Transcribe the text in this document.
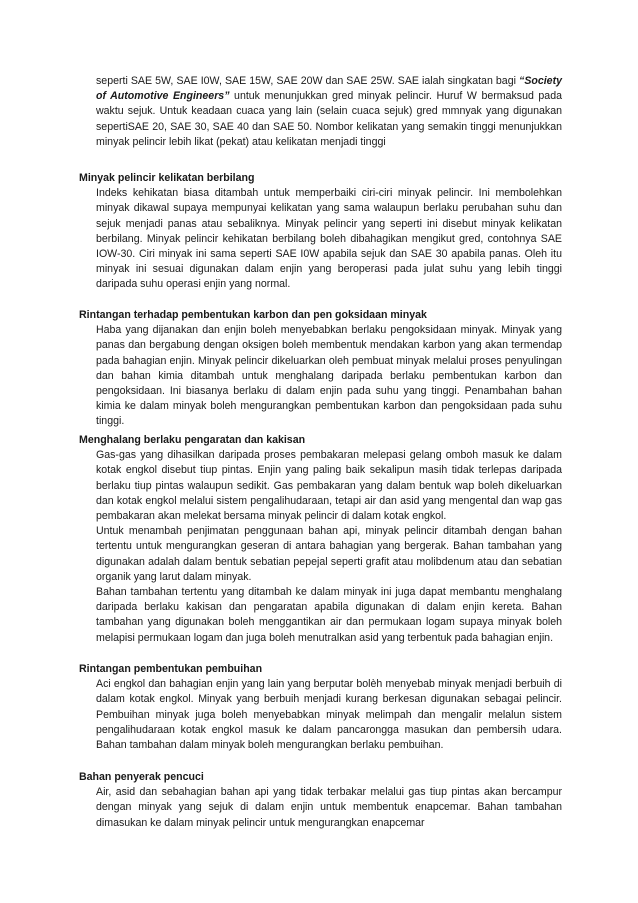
seperti SAE 5W, SAE I0W, SAE 15W, SAE 20W dan SAE 25W. SAE ialah singkatan bagi “Society of Automotive Engineers” untuk menunjukkan gred minyak pelincir. Huruf W bermaksud pada waktu sejuk. Untuk keadaan cuaca yang lain (selain cuaca sejuk) gred mmnyak yang digunakan sepertiSAE 20, SAE 30, SAE 40 dan SAE 50. Nombor kelikatan yang semakin tinggi menunjukkan minyak pelincir lebih likat (pekat) atau kelikatan menjadi tinggi

Minyak pelincir kelikatan berbilang

Indeks kehikatan biasa ditambah untuk memperbaiki ciri-ciri minyak pelincir. Ini membolehkan minyak dikawal supaya mempunyai kelikatan yang sama walaupun berlaku perubahan suhu dan sejuk menjadi panas atau sebaliknya. Minyak pelincir yang seperti ini disebut minyak kelikatan berbilang. Minyak pelincir kehikatan berbilang boleh dibahagikan mengikut gred, contohnya SAE IOW-30. Ciri minyak ini sama seperti SAE I0W apabila sejuk dan SAE 30 apabila panas. Oleh itu minyak ini sesuai digunakan dalam enjin yang beroperasi pada julat suhu yang lebih tinggi daripada suhu operasi enjin yang normal.

Rintangan terhadap pembentukan karbon dan pen goksidaan minyak

Haba yang dijanakan dan enjin boleh menyebabkan berlaku pengoksidaan minyak. Minyak yang panas dan bergabung dengan oksigen boleh membentuk mendakan karbon yang akan termendap pada bahagian enjin. Minyak pelincir dikeluarkan oleh pembuat minyak melalui proses penyulingan dan bahan kimia ditambah untuk menghalang daripada berlaku pembentukan karbon dan pengoksidaan. Ini biasanya berlaku di dalam enjin pada suhu yang tinggi. Penambahan bahan kimia ke dalam minyak boleh mengurangkan pembentukan karbon dan pengoksidaan pada suhu tinggi.

Menghalang berlaku pengaratan dan kakisan

Gas-gas yang dihasilkan daripada proses pembakaran melepasi gelang omboh masuk ke dalam kotak engkol disebut tiup pintas. Enjin yang paling baik sekalipun masih tidak terlepas daripada berlaku tiup pintas walaupun sedikit. Gas pembakaran yang dalam bentuk wap boleh dikeluarkan dan kotak engkol melalui sistem pengalihudaraan, tetapi air dan asid yang mengental dan wap gas pembakaran akan melekat bersama minyak pelincir di dalam kotak engkol.

Untuk menambah penjimatan penggunaan bahan api, minyak pelincir ditambah dengan bahan tertentu untuk mengurangkan geseran di antara bahagian yang bergerak. Bahan tambahan yang digunakan adalah dalam bentuk sebatian pepejal seperti grafit atau molibdenum atau dan sebatian organik yang larut dalam minyak.

Bahan tambahan tertentu yang ditambah ke dalam minyak ini juga dapat membantu menghalang daripada berlaku kakisan dan pengaratan apabila digunakan di dalam enjin kereta. Bahan tambahan yang digunakan boleh menggantikan air dan permukaan logam supaya minyak boleh melapisi permukaan logam dan juga boleh menutralkan asid yang terbentuk pada bahagian enjin.

Rintangan pembentukan pembuihan

Aci engkol dan bahagian enjin yang lain yang berputar bolèh menyebab minyak menjadi berbuih di dalam kotak engkol. Minyak yang berbuih menjadi kurang berkesan digunakan sebagai pelincir. Pembuihan minyak juga boleh menyebabkan minyak melimpah dan mengalir melalun sistem pengalihudaraan kotak engkol masuk ke dalam pancarongga masukan dan pembersih udara. Bahan tambahan dalam minyak boleh mengurangkan berlaku pembuihan.

Bahan penyerak pencuci

Air, asid dan sebahagian bahan api yang tidak terbakar melalui gas tiup pintas akan bercampur dengan minyak yang sejuk di dalam enjin untuk membentuk enapcemar. Bahan tambahan dimasukan ke dalam minyak pelincir untuk mengurangkan enapcemar
